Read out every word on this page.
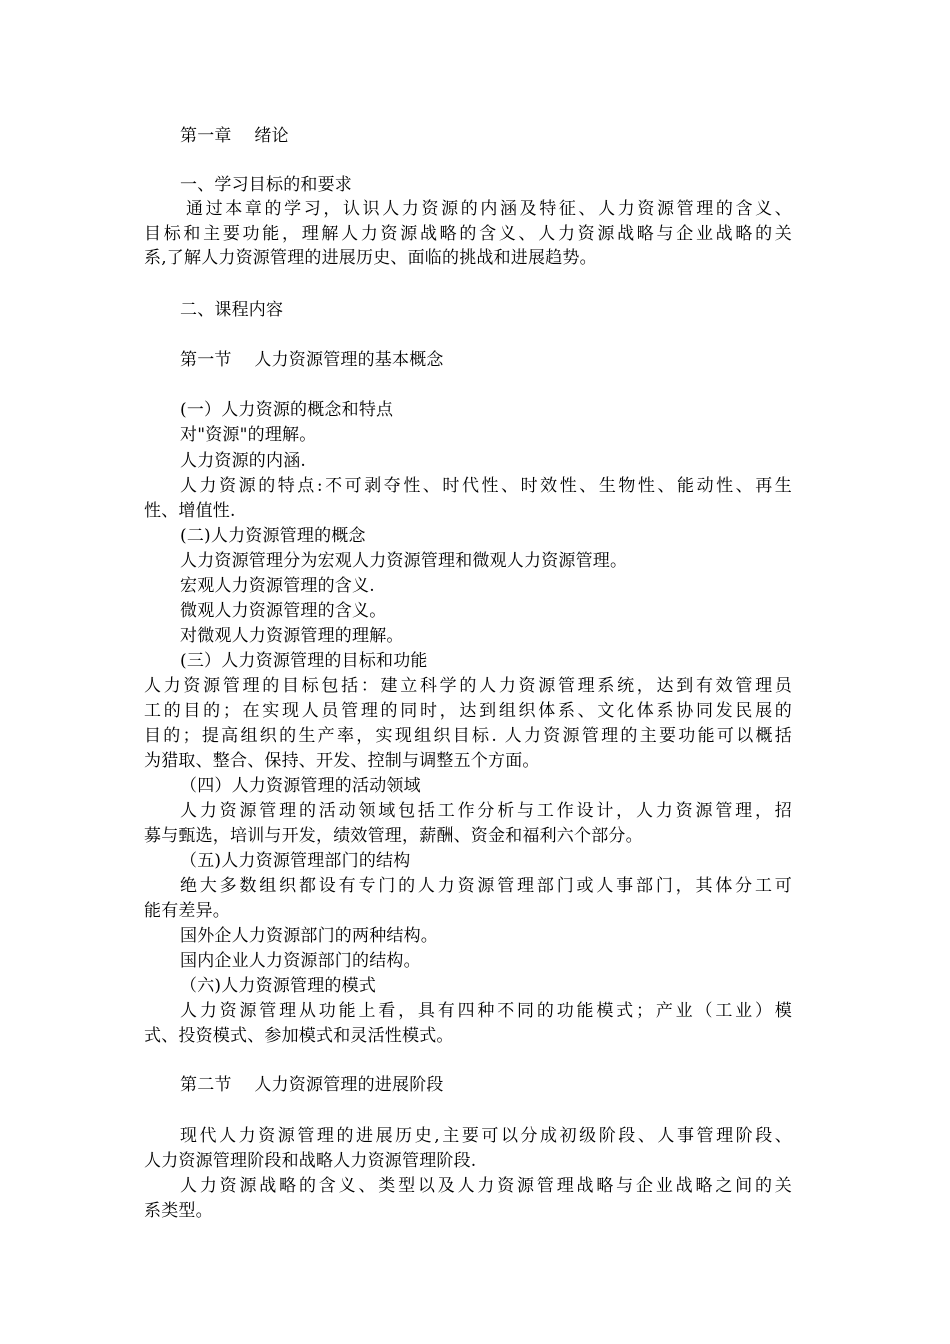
第一章　 绪论
一、学习目标的和要求
通过本章的学习，认识人力资源的内涵及特征、人力资源管理的含义、
目标和主要功能，理解人力资源战略的含义、人力资源战略与企业战略的关
系,了解人力资源管理的进展历史、面临的挑战和进展趋势。
二、课程内容
第一节　 人力资源管理的基本概念
(一）人力资源的概念和特点
对"资源"的理解。
人力资源的内涵.
人力资源的特点:不可剥夺性、时代性、时效性、生物性、能动性、再生
性、增值性.
(二)人力资源管理的概念
人力资源管理分为宏观人力资源管理和微观人力资源管理。
宏观人力资源管理的含义.
微观人力资源管理的含义。
对微观人力资源管理的理解。
(三）人力资源管理的目标和功能
人力资源管理的目标包括：建立科学的人力资源管理系统，达到有效管理员
工的目的；在实现人员管理的同时，达到组织体系、文化体系协同发民展的
目的；提高组织的生产率，实现组织目标. 人力资源管理的主要功能可以概括
为猎取、整合、保持、开发、控制与调整五个方面。
（四）人力资源管理的活动领域
人力资源管理的活动领域包括工作分析与工作设计，人力资源管理，招
募与甄选，培训与开发，绩效管理，薪酬、资金和福利六个部分。
（五)人力资源管理部门的结构
绝大多数组织都设有专门的人力资源管理部门或人事部门，其体分工可
能有差异。
国外企人力资源部门的两种结构。
国内企业人力资源部门的结构。
（六)人力资源管理的模式
人力资源管理从功能上看，具有四种不同的功能模式；产业（工业）模
式、投资模式、参加模式和灵活性模式。
第二节　 人力资源管理的进展阶段
现代人力资源管理的进展历史,主要可以分成初级阶段、人事管理阶段、
人力资源管理阶段和战略人力资源管理阶段.
人力资源战略的含义、类型以及人力资源管理战略与企业战略之间的关
系类型。
